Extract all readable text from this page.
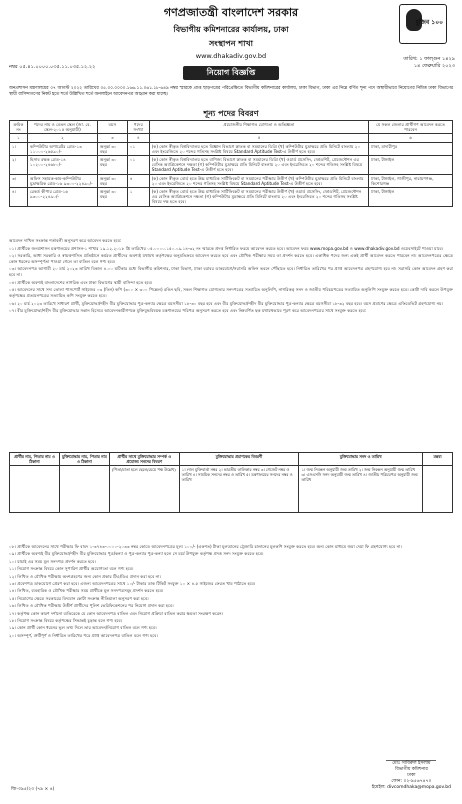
গণপ্রজাতন্ত্রী বাংলাদেশ সরকার
বিভাগীয় কমিশনারের কার্যালয়, ঢাকা
সংস্থাপন শাখা
www.dhakadiv.gov.bd
মুজিব ১০০
নম্বর ০৫.৪১.০০০০.০৩৫.১১.০৩৫.১২.২২
তারিখ: ১ ফাল্গুন ১৪২৯
১৪ ফেব্রুয়ারি ২০২৩
নিয়োগ বিজ্ঞপ্তি
জনপ্রশাসন মন্ত্রণালয়ের ০৭ আগস্ট ২০২২ তারিখের ০৫.০০.০০০০.১৬৬.১১.০৬১.১৮-৬৪৯ নম্বর স্মারকে প্রাপ্ত ছাড়পত্রের পরিপ্রেক্ষিতে বিভাগীয় কমিশনারের কার্যালয়, ঢাকা বিভাগ, ঢাকা এর নিম্নে বর্ণিত শূন্য পদে অস্থায়ীভাবে নিয়োগের নিমিত্ত ঢাকা বিভাগের স্থায়ী বাসিন্দাগণের নিকট হতে শর্তে উল্লিখিত শর্তে অনলাইনে আবেদনপত্র আহ্বান করা যাচ্ছে।
শূন্য পদের বিবরণ
ক্রমিক নং	পদের নাম ও বেতন স্কেল (জা. বে. স্কেল-২০১৫ অনুযায়ী)	বয়স	পদের সংখ্যা	প্রয়োজনীয় শিক্ষাগত যোগ্যতা ও অভিজ্ঞতা	যে সকল জেলার প্রার্থীগণ আবেদন করতে পারবেন
১	২	৩	৪	৫	৬
১।	কম্পিউটার অপারেটর গ্রেড-১৩ ১১০০০-২৬৫৯০/-	অনূর্ধ্ব ৩০ বছর	০১	(ক) কোন স্বীকৃত বিশ্ববিদ্যালয় হতে বিজ্ঞান বিভাগে স্নাতক বা সমমানের ডিগ্রি (খ) কম্পিউটার মুদ্রাক্ষরে প্রতি মিনিটে বাংলায় ২০ এবং ইংরেজিতে ২০ শব্দের গতিসহ সংশ্লিষ্ট বিষয়ে Standard Aptitude Test-এ উত্তীর্ণ হতে হবে।	ঢাকা, মাদারীপুর
২।	হিসাব রক্ষক গ্রেড-১৪ ১০২০০-২৪৬৮০/-	অনূর্ধ্ব ৩০ বছর	০১	(ক) কোন স্বীকৃত বিশ্ববিদ্যালয় হতে বাণিজ্য বিভাগে স্নাতক বা সমমানের ডিগ্রি (খ) ওয়ার্ড প্রসেসিং, স্প্রেডশিট, প্রেজেন্টেশন এর বেসিক অ্যাপ্লিকেশনে দক্ষতা (গ) কম্পিউটার মুদ্রাক্ষরে প্রতি মিনিটে বাংলায় ২০ এবং ইংরেজিতে ২০ শব্দের গতিসহ সংশ্লিষ্ট বিষয়ে Standard Aptitude Test-এ উত্তীর্ণ হতে হবে।	ঢাকা, টাঙ্গাইল
৩।	অফিস সহায়ক-কাম-কম্পিউটার মুদ্রাক্ষরিক গ্রেড-১৬ ৯৩০০-২২৪৯০/-	অনূর্ধ্ব ৩০ বছর	৪	(ক) কোন স্বীকৃত বোর্ড হতে উচ্চ মাধ্যমিক সার্টিফিকেট বা সমমানের পরীক্ষায় উত্তীর্ণ (খ) কম্পিউটার মুদ্রাক্ষরে প্রতি মিনিটে বাংলায় ২০ এবং ইংরেজিতে ২০ শব্দের গতিসহ সংশ্লিষ্ট বিষয়ে Standard Aptitude Test-এ উত্তীর্ণ হতে হবে।	ঢাকা, টাঙ্গাইল, গাজীপুর, নারায়ণগঞ্জ, কিশোরগঞ্জ
৪।	রেকর্ড কীপার গ্রেড-১৬ ৯৩০০-২২৪৯০/-	অনূর্ধ্ব ৩০ বছর	১	(ক) কোন স্বীকৃত বোর্ড হতে উচ্চ মাধ্যমিক সার্টিফিকেট বা সমমানের পরীক্ষায় উত্তীর্ণ (খ) ওয়ার্ড প্রসেসিং, স্প্রেডশিট, প্রেজেন্টেশন এর বেসিক অ্যাপ্লিকেশনে দক্ষতা (গ) কম্পিউটার মুদ্রাক্ষরে প্রতি মিনিটে বাংলায় ২০ এবং ইংরেজিতে ২০ শব্দের গতিসহ সংশ্লিষ্ট বিষয়ে দক্ষ হতে হবে।	ঢাকা, টাঙ্গাইল

আবেদন দাখিল সংক্রান্ত শর্তাবলী অনুসরণ করে আবেদন করতে হবে:

০১। প্রার্থীকে জনপ্রশাসন মন্ত্রণালয়ের প্রশাসন-১ শাখার ১৯.১২.২০১৮ খ্রি তারিখের ০৫.০০০০.১৫০.০৯.১৪-৩২ নং স্মারকে প্রদত্ত নির্ধারিত ফরমে আবেদন করতে হবে। আবেদন ফরম www.mopa.gov.bd ও www.dhakadiv.gov.bd ওয়েবসাইটে পাওয়া যাবে।

০২। সরকারি, আধা সরকারি ও স্বায়ত্তশাসিত প্রতিষ্ঠানে কর্মরত প্রার্থীদের অবশ্যই যথাযথ কর্তৃপক্ষের অনুমতিক্রমে আবেদন করতে হবে এবং মৌখিক পরীক্ষার সময় তা প্রদর্শন করতে হবে। একাধিক পদের জন্য একই প্রার্থী আবেদন করতে পারবেন না। আবেদনপত্রের ক্ষেত্রে কোন ধরনের অসম্পূর্ণতা পাওয়া গেলে তা বাতিল বলে গণ্য হবে।

০৩। আবেদনপত্র আগামী ২০ মার্চ ২০২৩ তারিখ বিকাল ৪.০০ ঘটিকার মধ্যে বিভাগীয় কমিশনার, ঢাকা বিভাগ, ঢাকা বরাবর ডাকযোগে/সরাসরি অফিস ভবনে পৌঁছাতে হবে। নির্ধারিত তারিখের পর প্রাপ্ত আবেদনপত্র গ্রহণযোগ্য হবে না। সরাসরি কোন আবেদন গ্রহণ করা হবে না।

০৪। প্রার্থীকে অবশ্যই বাংলাদেশের নাগরিক এবং ঢাকা বিভাগের স্থায়ী বাসিন্দা হতে হবে।

০৫। আবেদনের সাথে সদ্য তোলা পাসপোর্ট সাইজের ০৩ (তিন) কপি (৩০০ × ৩০০ পিক্সেল) রঙিন ছবি, সকল শিক্ষাগত যোগ্যতার সনদপত্রের সত্যায়িত অনুলিপি, নাগরিকত্ব সনদ ও জাতীয় পরিচয়পত্রের সত্যায়িত অনুলিপি সংযুক্ত করতে হবে। কোটা দাবি করলে উপযুক্ত কর্তৃপক্ষের প্রত্যয়নপত্রের সত্যায়িত কপি সংযুক্ত করতে হবে।

০৬। ২০ মার্চ ২০২৩ তারিখে সাধারণ প্রার্থী, মুক্তিযোদ্ধা/শহীদ বীর মুক্তিযোদ্ধার পুত্র-কন্যার ক্ষেত্রে বয়সসীমা ১৮-৩০ বছর হবে এবং বীর মুক্তিযোদ্ধা/শহীদ বীর মুক্তিযোদ্ধার পুত্র-কন্যার ক্ষেত্রে বয়সসীমা ১৮-৩২ বছর হবে। বয়স প্রমাণের ক্ষেত্রে এফিডেভিট গ্রহণযোগ্য নয়।

০৭। বীর মুক্তিযোদ্ধা/শহীদ বীর মুক্তিযোদ্ধার সন্তান হিসেবে আবেদনকারীগণকে মুক্তিযুদ্ধবিষয়ক মন্ত্রণালয়ের পরিপত্র অনুসরণ করতে হবে এবং নিম্নবর্ণিত ছক যথাযথভাবে পূরণ করে আবেদনপত্রের সাথে সংযুক্ত করতে হবে:

প্রার্থীর নাম, পিতার নাম ও ঠিকানা	মুক্তিযোদ্ধার নাম, পিতার নাম ও ঠিকানা	প্রার্থীর সাথে মুক্তিযোদ্ধার সম্পর্ক ও প্রযোজ্য সনদের বিবরণ	মুক্তিযোদ্ধার প্রমাণকের বিবরণী	মুক্তিযোদ্ধার সনদ ও তারিখ	মন্তব্য
		(পিতা/মাতা হলে ছেলে/মেয়ে পক্ষ উল্লেখ)	১। লাল মুক্তিবার্তা নম্বর ২। ভারতীয় তালিকার নম্বর ৩। গেজেট নম্বর ও তারিখ ৪। সাময়িক সনদের নম্বর ও তারিখ ৫। মন্ত্রণালয়ের সনদের নম্বর ও তারিখ	১। জন্ম নিবন্ধন অনুযায়ী জন্ম তারিখ ২। জন্ম নিবন্ধন অনুযায়ী জন্ম তারিখ ৩। এসএসসি সনদ অনুযায়ী জন্ম তারিখ ৪। জাতীয় পরিচয়পত্র অনুযায়ী জন্ম তারিখ	

০৮। প্রার্থীকে আবেদনের সাথে পরীক্ষার ফি বাবদ ১-৩৭৪৩-০০০০-২০৩৩ নম্বর কোডে আবেদনপত্রের মূল্য ১০০/- (একশত) টাকা মূল্যমানের ট্রেজারি চালানের মূলকপি সংযুক্ত করতে হবে। অন্য কোন মাধ্যমে জমা দেয়া ফি গ্রহণযোগ্য হবে না।

০৯। প্রার্থীকে অবশ্যই বীর মুক্তিযোদ্ধা/শহীদ বীর মুক্তিযোদ্ধার পুত্র/কন্যা ও পুত্র-কন্যার পুত্র-কন্যা হলে সে মর্মে উপযুক্ত কর্তৃপক্ষ প্রদত্ত সনদ সংযুক্ত করতে হবে।

১০। যাচাই এর সময় মূল সনদপত্র প্রদর্শন করতে হবে।

১১। নিয়োগ সংক্রান্ত বিষয়ে কোন সুপারিশ প্রার্থীর অযোগ্যতা বলে গণ্য হবে।

১২। লিখিত ও মৌখিক পরীক্ষায় অংশগ্রহণের জন্য কোন প্রকার টিএ/ডিএ প্রদান করা হবে না।

১৩। প্রবেশপত্র ডাকযোগে প্রেরণ করা হবে। এজন্য আবেদনপত্রের সাথে ১০/- টাকার ডাক টিকিট সংযুক্ত ১০ × ৪.৫ সাইজের ফেরত খাম পাঠাতে হবে।

১৪। লিখিত, ব্যবহারিক ও মৌখিক পরীক্ষার সময় প্রার্থীকে মূল সনদপত্রসমূহ প্রদর্শন করতে হবে।

১৫। নিয়োগের ক্ষেত্রে সরকারের বিদ্যমান কোটা সংক্রান্ত নীতিমালা অনুসরণ করা হবে।

১৬। লিখিত ও মৌখিক পরীক্ষায় উত্তীর্ণ প্রার্থীদের পুলিশ ভেরিফিকেশনের পর নিয়োগ প্রদান করা হবে।

১৭। কর্তৃপক্ষ কোন কারণ দর্শানো ব্যতিরেকে যে কোন আবেদনপত্র বাতিল এবং নিয়োগ প্রক্রিয়া বাতিল করার ক্ষমতা সংরক্ষণ করেন।

১৮। নিয়োগ সংক্রান্ত বিষয়ে কর্তৃপক্ষের সিদ্ধান্তই চূড়ান্ত বলে গণ্য হবে।

১৯। কোন প্রার্থী কোন ধরনের ভুল তথ্য দিলে তার আবেদন/নিয়োগ বাতিল বলে গণ্য হবে।

২০। অসম্পূর্ণ, ত্রুটিপূর্ণ ও নির্ধারিত তারিখের পরে প্রাপ্ত আবেদনপত্র বাতিল বলে গণ্য হবে।

মোঃ সাবিরুল ইসলাম
বিভাগীয় কমিশনার
ঢাকা
ফোন: ০২-৯৫৬৭৪৭০
ইমেইল: divcomdhaka@mopa.gov.bd
জি-৩৯৫/২৩ (৭৯ × ৪)
